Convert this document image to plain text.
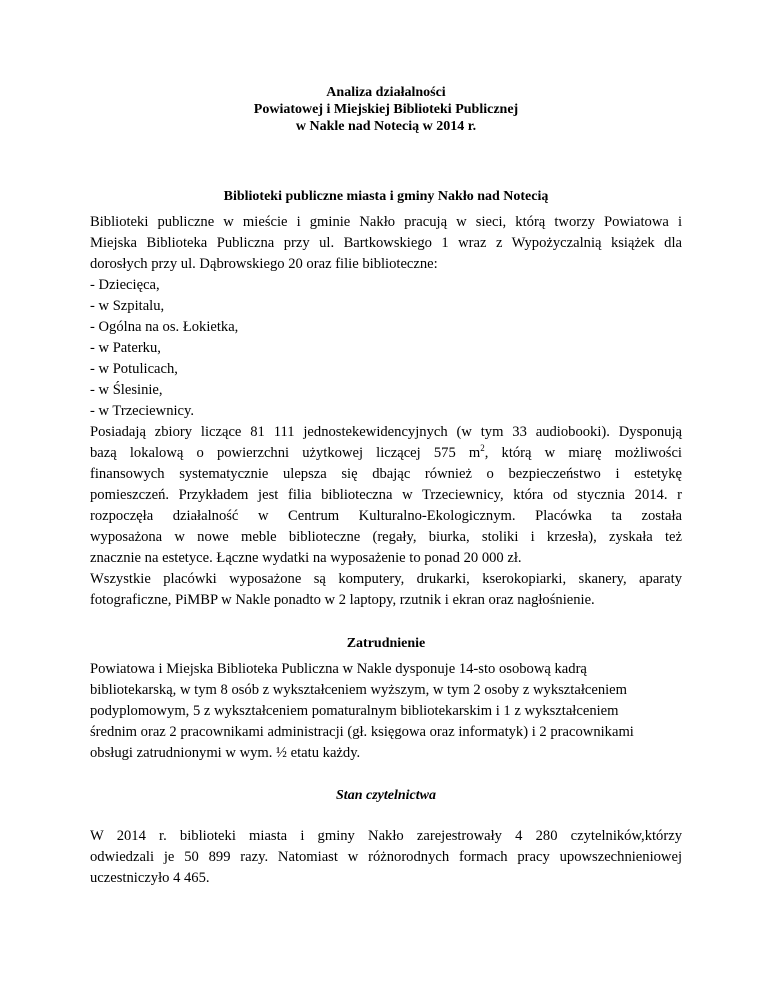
Analiza działalności

Powiatowej i Miejskiej Biblioteki Publicznej

w Nakle nad Notecią w 2014 r.

Biblioteki publiczne miasta i gminy Nakło nad Notecią
Biblioteki publiczne w mieście i gminie Nakło pracują w sieci, którą tworzy Powiatowa i
Miejska Biblioteka Publiczna przy ul. Bartkowskiego 1 wraz z Wypożyczalnią książek dla
dorosłych przy ul. Dąbrowskiego 20 oraz filie biblioteczne:
- Dziecięca,
- w Szpitalu,
- Ogólna na os. Łokietka,
- w Paterku,
- w Potulicach,
- w Ślesinie,
- w Trzeciewnicy.
Posiadają zbiory liczące 81 111 jednostekewidencyjnych (w tym 33 audiobooki). Dysponują
bazą lokalową o powierzchni użytkowej liczącej 575 $m^2$, którą w miarę możliwości
finansowych systematycznie ulepsza się dbając również o bezpieczeństwo i estetykę
pomieszczeń. Przykładem jest filia biblioteczna w Trzeciewnicy, która od stycznia 2014. r
rozpoczęła działalność w Centrum Kulturalno-Ekologicznym. Placówka ta została
wyposażona w nowe meble biblioteczne (regały, biurka, stoliki i krzesła), zyskała też
znacznie na estetyce. Łączne wydatki na wyposażenie to ponad 20 000 zł.
Wszystkie placówki wyposażone są komputery, drukarki, kserokopiarki, skanery, aparaty
fotograficzne, PiMBP w Nakle ponadto w 2 laptopy, rzutnik i ekran oraz nagłośnienie.
Zatrudnienie
Powiatowa i Miejska Biblioteka Publiczna w Nakle dysponuje 14-sto osobową kadrą
bibliotekarską, w tym 8 osób z wykształceniem wyższym, w tym 2 osoby z wykształceniem
podyplomowym, 5 z wykształceniem pomaturalnym bibliotekarskim i 1 z wykształceniem
średnim oraz 2 pracownikami administracji (gł. księgowa oraz informatyk) i 2 pracownikami
obsługi zatrudnionymi w wym. ½ etatu każdy.
Stan czytelnictwa
W 2014 r. biblioteki miasta i gminy Nakło zarejestrowały 4 280 czytelników,którzy
odwiedzali je 50 899 razy. Natomiast w różnorodnych formach pracy upowszechnieniowej
uczestniczyło 4 465.
